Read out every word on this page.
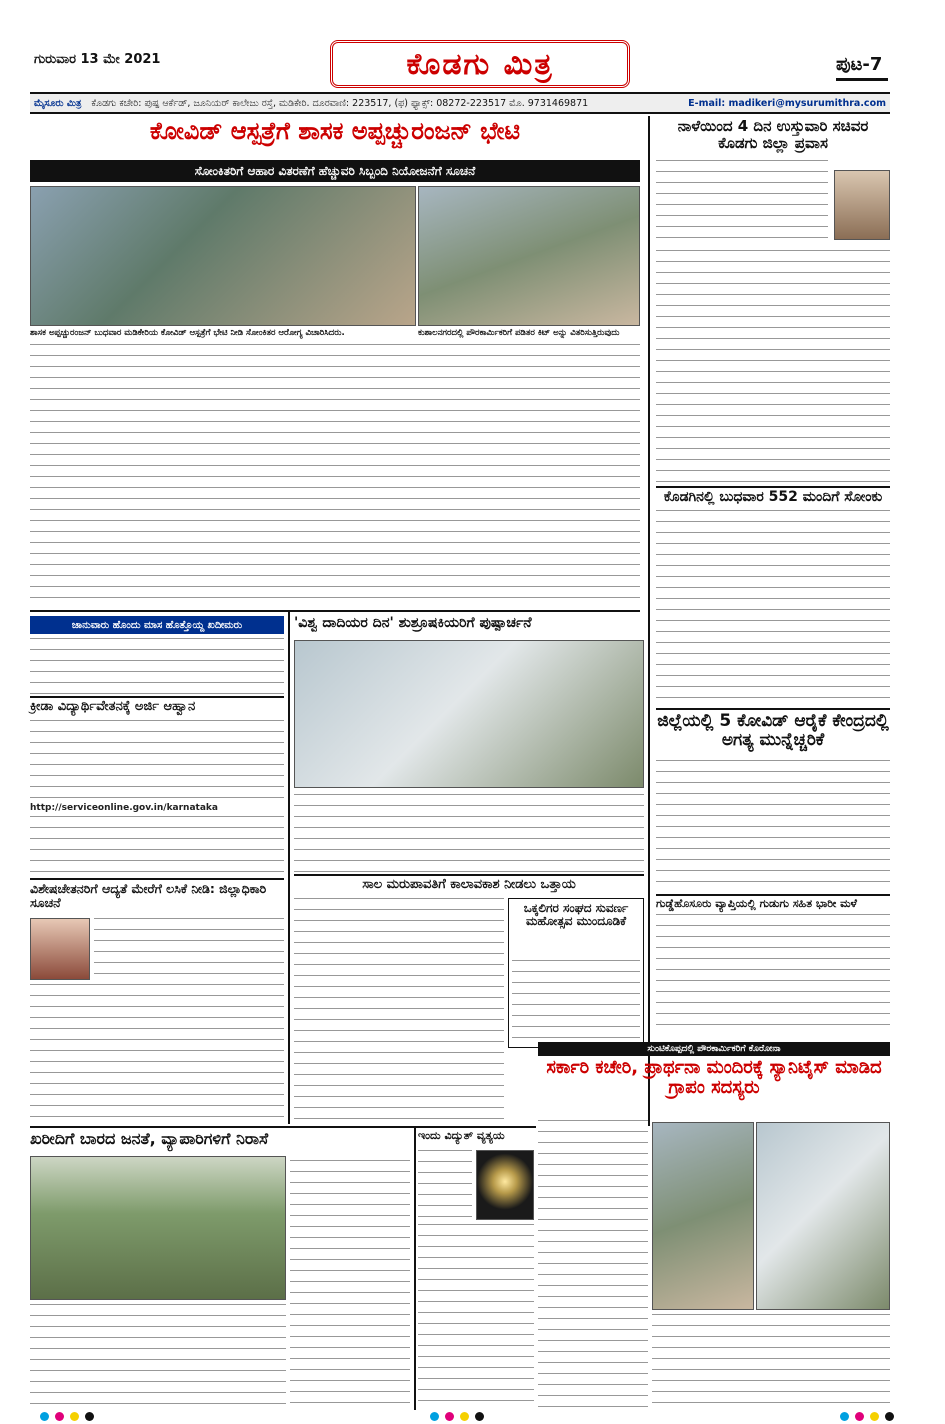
ಗುರುವಾರ 13 ಮೇ 2021	ಕೊಡಗು ಮಿತ್ರ	ಪುಟ-7
ಮೈಸೂರು ಮಿತ್ರ ಕೊಡಗು ಕಚೇರಿ: ಪುಷ್ಪ ಆರ್ಕೆಡ್, ಜೂನಿಯರ್ ಕಾಲೇಜು ರಸ್ತೆ, ಮಡಿಕೇರಿ. ದೂರವಾಣಿ: 223517, (ಫ) ಫ್ಯಾಕ್ಸ್: 08272-223517 ಮೊ. 9731469871	E-mail: madikeri@mysurumithra.com
ಕೋವಿಡ್ ಆಸ್ಪತ್ರೆಗೆ ಶಾಸಕ ಅಪ್ಪಚ್ಚುರಂಜನ್ ಭೇಟಿ
ಸೋಂಕಿತರಿಗೆ ಆಹಾರ ವಿತರಣೆಗೆ ಹೆಚ್ಚುವರಿ ಸಿಬ್ಬಂದಿ ನಿಯೋಜನೆಗೆ ಸೂಚನೆ
ಶಾಸಕ ಅಪ್ಪಚ್ಚುರಂಜನ್ ಬುಧವಾರ ಮಡಿಕೇರಿಯ ಕೋವಿಡ್ ಆಸ್ಪತ್ರೆಗೆ ಭೇಟಿ ನೀಡಿ ಸೋಂಕಿತರ ಆರೋಗ್ಯ ವಿಚಾರಿಸಿದರು.	ಕುಶಾಲನಗರದಲ್ಲಿ ಪೌರಕಾರ್ಮಿಕರಿಗೆ ಪಡಿತರ ಕಿಟ್ ಅನ್ನು ವಿತರಿಸುತ್ತಿರುವುದು
ನಾಳೆಯಿಂದ 4 ದಿನ ಉಸ್ತುವಾರಿ ಸಚಿವರ ಕೊಡಗು ಜಿಲ್ಲಾ ಪ್ರವಾಸ
ಕೊಡಗಿನಲ್ಲಿ ಬುಧವಾರ 552 ಮಂದಿಗೆ ಸೋಂಕು
ಜಿಲ್ಲೆಯಲ್ಲಿ 5 ಕೋವಿಡ್ ಆರೈಕೆ ಕೇಂದ್ರದಲ್ಲಿ ಅಗತ್ಯ ಮುನ್ನೆಚ್ಚರಿಕೆ
ಗುಡ್ಡೆಹೊಸೂರು ವ್ಯಾಪ್ತಿಯಲ್ಲಿ ಗುಡುಗು ಸಹಿತ ಭಾರೀ ಮಳೆ
ಜಾನುವಾರು ಹೊಂದು ಮಾಸ ಹೊತ್ತೊಯ್ದ ಖದೀಮರು
ಕ್ರೀಡಾ ವಿದ್ಯಾರ್ಥಿವೇತನಕ್ಕೆ ಅರ್ಜಿ ಆಹ್ವಾನ
http://serviceonline.gov.in/karnataka
ವಿಶೇಷಚೇತನರಿಗೆ ಆದ್ಯತೆ ಮೇರೆಗೆ ಲಸಿಕೆ ನೀಡಿ: ಜಿಲ್ಲಾಧಿಕಾರಿ ಸೂಚನೆ
'ವಿಶ್ವ ದಾದಿಯರ ದಿನ' ಶುಶ್ರೂಷಕಿಯರಿಗೆ ಪುಷ್ಪಾರ್ಚನೆ
ಸಾಲ ಮರುಪಾವತಿಗೆ ಕಾಲಾವಕಾಶ ನೀಡಲು ಒತ್ತಾಯ
ಒಕ್ಕಲಿಗರ ಸಂಘದ ಸುವರ್ಣ ಮಹೋತ್ಸವ ಮುಂದೂಡಿಕೆ
ಸುಂಟಿಕೊಪ್ಪದಲ್ಲಿ ಪೌರಕಾರ್ಮಿಕರಿಗೆ ಕೊರೋನಾ
ಸರ್ಕಾರಿ ಕಚೇರಿ, ಪ್ರಾರ್ಥನಾ ಮಂದಿರಕ್ಕೆ ಸ್ಯಾನಿಟೈಸ್ ಮಾಡಿದ ಗ್ರಾಪಂ ಸದಸ್ಯರು
ಖರೀದಿಗೆ ಬಾರದ ಜನತೆ, ವ್ಯಾಪಾರಿಗಳಿಗೆ ನಿರಾಸೆ	ಇಂದು ವಿದ್ಯುತ್ ವ್ಯತ್ಯಯ
